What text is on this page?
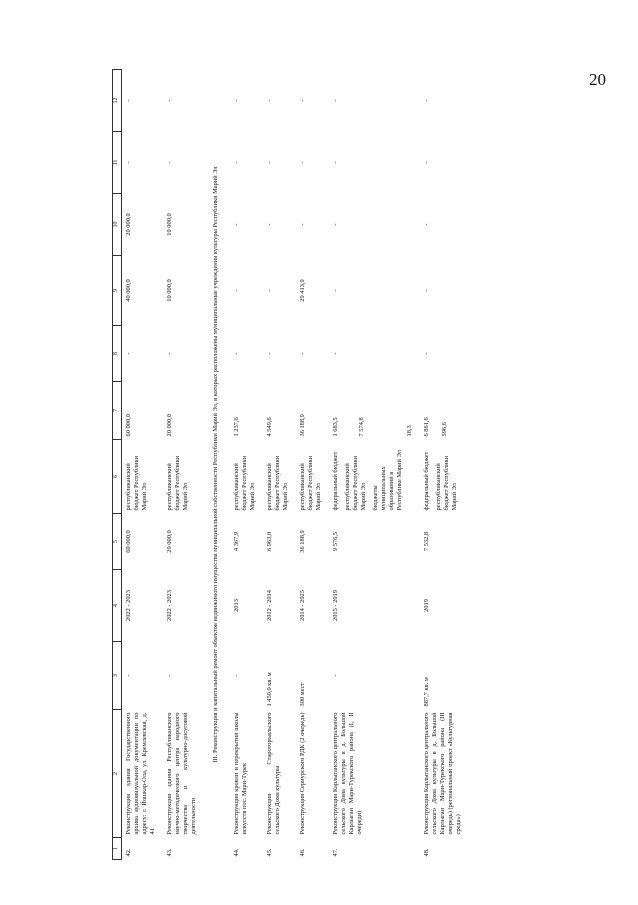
20
1	2	3	4	5	6	7	8	9	10	11	12
42.	Реконструкция здания Государственного архива аудиовизуальной документации по адресу: г. Йошкар-Ола, ул. Кремлевская, д. 41	-	2022 - 2023	60 000,0	республиканский бюджет Республики Марий Эл	60 000,0	-	40 000,0	20 000,0	-	-
43.	Реконструкция здания Республиканского научно-методического центра народного творчества и культурно-досуговой деятельности	-	2022 - 2023	20 000,0	республиканский бюджет Республики Марий Эл	20 000,0	-	10 000,0	10 000,0	-	-
III. Реконструкция и капитальный ремонт объектов недвижимого имущества муниципальной собственности Республики Марий Эл, в которых расположены муниципальные учреждения культуры Республики Марий Эл											
44.	Реконструкция кровли и перекрытия школы искусств пос. Мари-Турек	-	2013	4 367,9	республиканский бюджет Республики Марий Эл	1 237,6	-	-	-	-	-
45.	Реконструкция Староторъяльского сельского Дома культуры	1 450,0 кв. м	2012 - 2014	6 963,0	республиканский бюджет Республики Марий Эл	4 549,6	-	-	-	-	-
46.	Реконструкция Сернурского РДК (2 очередь)	300 мест	2014 - 2025	36 188,9	республиканский бюджет Республики Марий Эл	36 188,9	-	29 413,9	-	-	-
47.	Реконструкция Карлыганского центрального сельского Дома культуры в д. Большой Карлыган Мари-Турекского района (I, II очереди)	-	2015 - 2019	9 576,5	федеральный бюджет республиканский бюджет Республики Марий Эл бюджеты муниципальных образований в Республике Марий Эл	1 683,5 7 574,8 18,3	-	-	-	-	-
48.	Реконструкция Карлыганского центрального сельского Дома культуры в д. Большой Карлыган Мари-Турекского района (III очередь) (региональный проект «Культурная среда»)	887,7 кв. м	2019	7 532,8	федеральный бюджет республиканский бюджет Республики Марий Эл	6 861,6 596,6	-	-	-	-	-
